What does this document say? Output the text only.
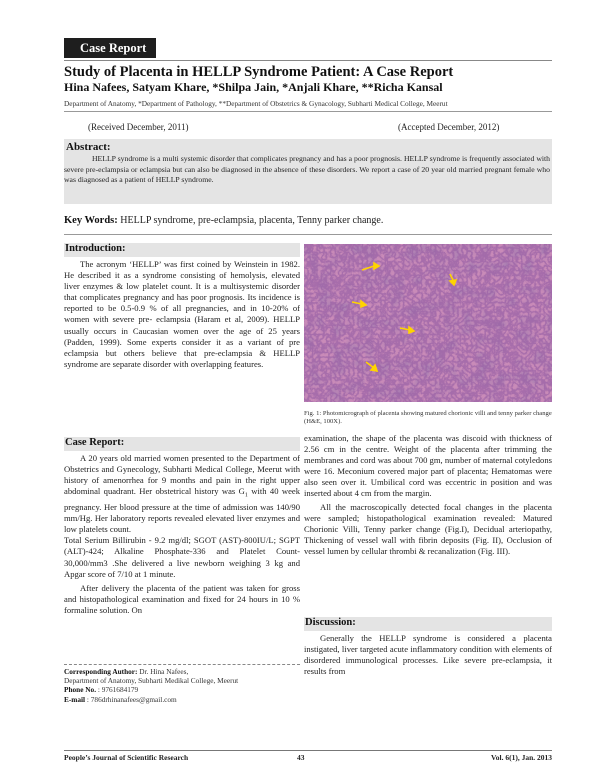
Case Report
Study of Placenta in HELLP Syndrome Patient: A Case Report
Hina Nafees, Satyam Khare, *Shilpa Jain, *Anjali Khare, **Richa Kansal
Department of Anatomy, *Department of Pathology, **Department of Obstetrics & Gynacology, Subharti Medical College, Meerut
(Received December, 2011)	(Accepted December, 2012)
Abstract:
HELLP syndrome is a multi systemic disorder that complicates pregnancy and has a poor prognosis. HELLP syndrome is frequently associated with severe pre-eclampsia or eclampsia but can also be diagnosed in the absence of these disorders. We report a case of 20 year old married pregnant female who was diagnosed as a patient of HELLP syndrome.
Key Words: HELLP syndrome, pre-eclampsia, placenta, Tenny parker change.
Introduction:

The acronym ‘HELLP’ was first coined by Weinstein in 1982. He described it as a syndrome consisting of hemolysis, elevated liver enzymes & low platelet count. It is a multisystemic disorder that complicates pregnancy and has poor prognosis. Its incidence is reported to be 0.5-0.9 % of all pregnancies, and in 10-20% of women with severe pre- eclampsia (Haram et al, 2009). HELLP usually occurs in Caucasian women over the age of 25 years (Padden, 1999). Some experts consider it as a variant of pre eclampsia but others believe that pre-eclampsia & HELLP syndrome are separate disorder with overlapping features.

Case Report:

A 20 years old married women presented to the Department of Obstetrics and Gynecology, Subharti Medical College, Meerut with history of amenorrhea for 9 months and pain in the right upper abdominal quadrant. Her obstetrical history was $G_1$ with 40 week pregnancy. Her blood pressure at the time of admission was 140/90 mm/Hg. Her laboratory reports revealed elevated liver enzymes and low platelets count.

Total Serium Billirubin - 9.2 mg/dl; SGOT (AST)-800IU/L; SGPT (ALT)-424; Alkaline Phosphate-336 and Platelet Count-30,000/mm3 .She delivered a live newborn weighing 3 kg and Apgar score of 7/10 at 1 minute.

After delivery the placenta of the patient was taken for gross and histopathological examination and fixed for 24 hours in 10 % formaline solution. On

Fig. 1: Photomicrograph of placenta showing matured chorionic villi and tenny parker change (H&E, 100X).

examination, the shape of the placenta was discoid with thickness of 2.56 cm in the centre. Weight of the placenta after trimming the membranes and cord was about 700 gm, number of maternal cotyledons were 16. Meconium covered major part of placenta; Hematomas were also seen over it. Umbilical cord was eccentric in position and was inserted about 4 cm from the margin.

All the macroscopically detected focal changes in the placenta were sampled; histopathological examination revealed: Matured Chorionic Villi, Tenny parker change (Fig.I), Decidual arteriopathy, Thickening of vessel wall with fibrin deposits (Fig. II), Occlusion of vessel lumen by cellular thrombi & recanalization (Fig. III).

Discussion:

Generally the HELLP syndrome is considered a placenta instigated, liver targeted acute inflammatory condition with elements of disordered immunological processes. Like severe pre-eclampsia, it results from

Corresponding Author: Dr. Hina Nafees,
Department of Anatomy, Subharti Medikal College, Meerut
Phone No. : 9761684179
E-mail : 786drhinanafees@gmail.com
People’s Journal of Scientific Research	43	Vol. 6(1), Jan. 2013
